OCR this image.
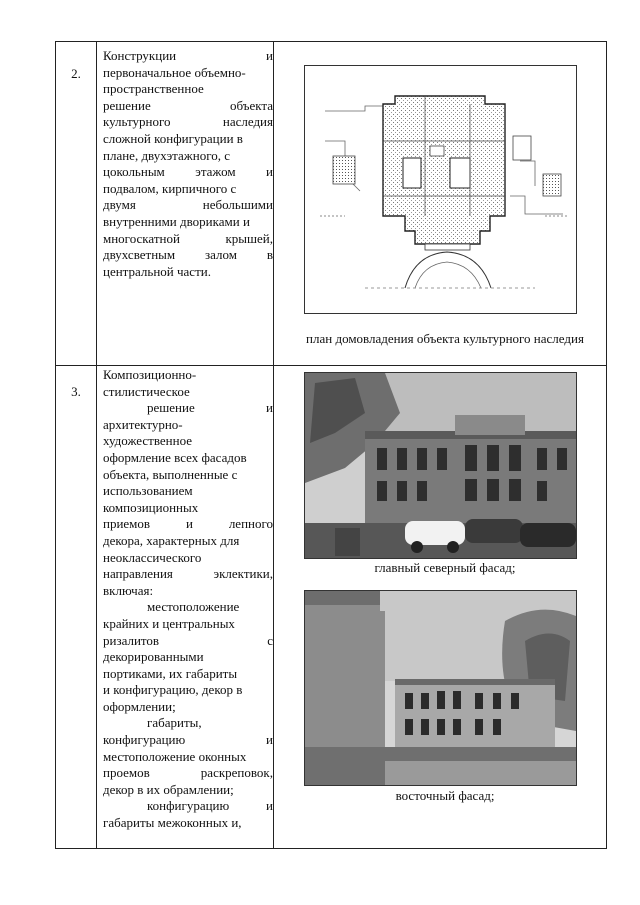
2.
Конструкции	и
первоначальное объемно-
пространственное
решение	объекта
культурного	наследия
сложной конфигурации в
плане, двухэтажного, с
цокольным этажом и
подвалом, кирпичного с
двумя	небольшими
внутренними двориками и
многоскатной	крышей,
двухсветным залом в
центральной части.
план домовладения объекта культурного наследия
3.
Композиционно-
стилистическое
решение	и
архитектурно-
художественное
оформление всех фасадов
объекта, выполненные с
использованием
композиционных
приемов	и	лепного
декора, характерных для
неоклассического
направления	эклектики,
включая:
местоположение
крайних и центральных
ризалитов	с
декорированными
портиками, их габариты
и конфигурацию, декор в
оформлении;
габариты,
конфигурацию	и
местоположение оконных
проемов	раскреповок,
декор в их обрамлении;
конфигурацию	и
габариты межоконных и,
главный северный фасад;
восточный фасад;
